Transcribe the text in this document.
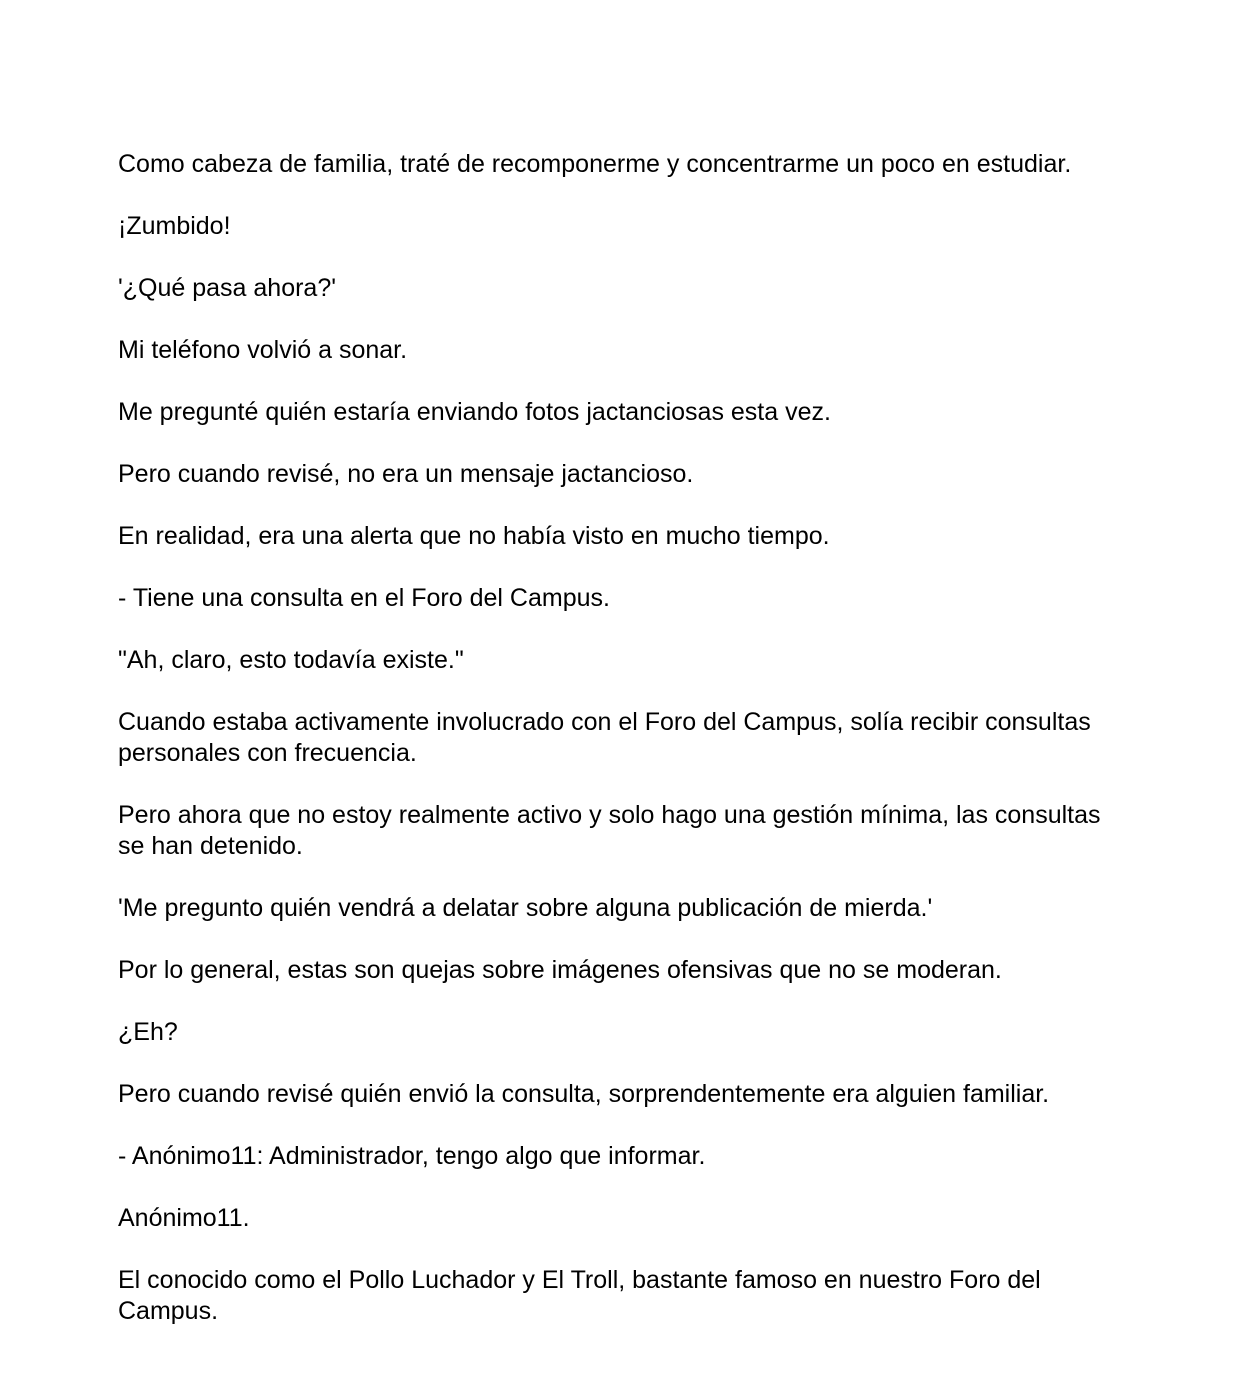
Como cabeza de familia, traté de recomponerme y concentrarme un poco en estudiar.

¡Zumbido!

'¿Qué pasa ahora?'

Mi teléfono volvió a sonar.

Me pregunté quién estaría enviando fotos jactanciosas esta vez.

Pero cuando revisé, no era un mensaje jactancioso.

En realidad, era una alerta que no había visto en mucho tiempo.

- Tiene una consulta en el Foro del Campus.

"Ah, claro, esto todavía existe."

Cuando estaba activamente involucrado con el Foro del Campus, solía recibir consultas personales con frecuencia.

Pero ahora que no estoy realmente activo y solo hago una gestión mínima, las consultas se han detenido.

'Me pregunto quién vendrá a delatar sobre alguna publicación de mierda.'

Por lo general, estas son quejas sobre imágenes ofensivas que no se moderan.

¿Eh?

Pero cuando revisé quién envió la consulta, sorprendentemente era alguien familiar.

- Anónimo11: Administrador, tengo algo que informar.

Anónimo11.

El conocido como el Pollo Luchador y El Troll, bastante famoso en nuestro Foro del Campus.
